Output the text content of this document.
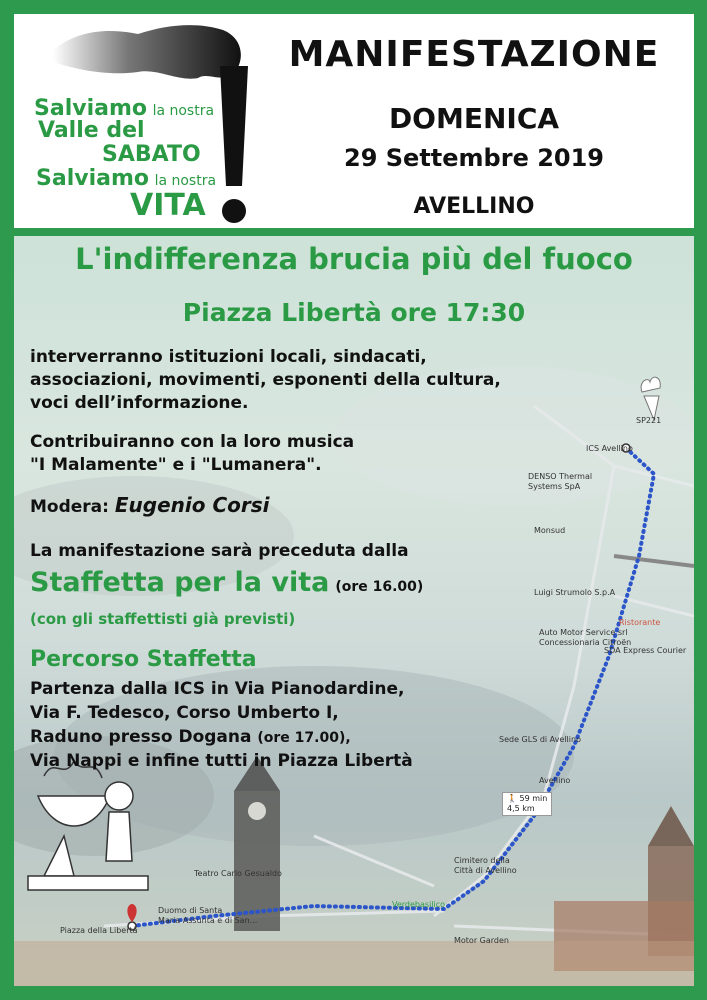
Salviamo la nostra
Valle del
SABATO
Salviamo la nostra
VITA
MANIFESTAZIONE
DOMENICA
29 Settembre 2019
AVELLINO
ICS Avellino
SP221
DENSO Thermal
Systems SpA
Monsud
Luigi Strumolo S.p.A
Ristorante
Auto Motor Service srl
Concessionaria Citroën
SDA Express Courier
Sede GLS di Avellino
Avellino
Teatro Carlo Gesualdo
Duomo di Santa
Maria Assunta e di San...
Cimitero della
Città di Avellino
Verdebasilico
Piazza della Libertà
Motor Garden
🚶 59 min
4,5 km
L'indifferenza brucia più del fuoco
Piazza Libertà ore 17:30
interverranno istituzioni locali, sindacati,
associazioni, movimenti, esponenti della cultura,
voci dell’informazione.
Contribuiranno con la loro musica
"I Malamente" e i "Lumanera".
Modera: Eugenio Corsi
La manifestazione sarà preceduta dalla
Staffetta per la vita (ore 16.00)
(con gli staffettisti già previsti)
Percorso Staffetta
Partenza dalla ICS in Via Pianodardine,
Via F. Tedesco, Corso Umberto I,
Raduno presso Dogana (ore 17.00),
Via Nappi e infine tutti in Piazza Libertà
